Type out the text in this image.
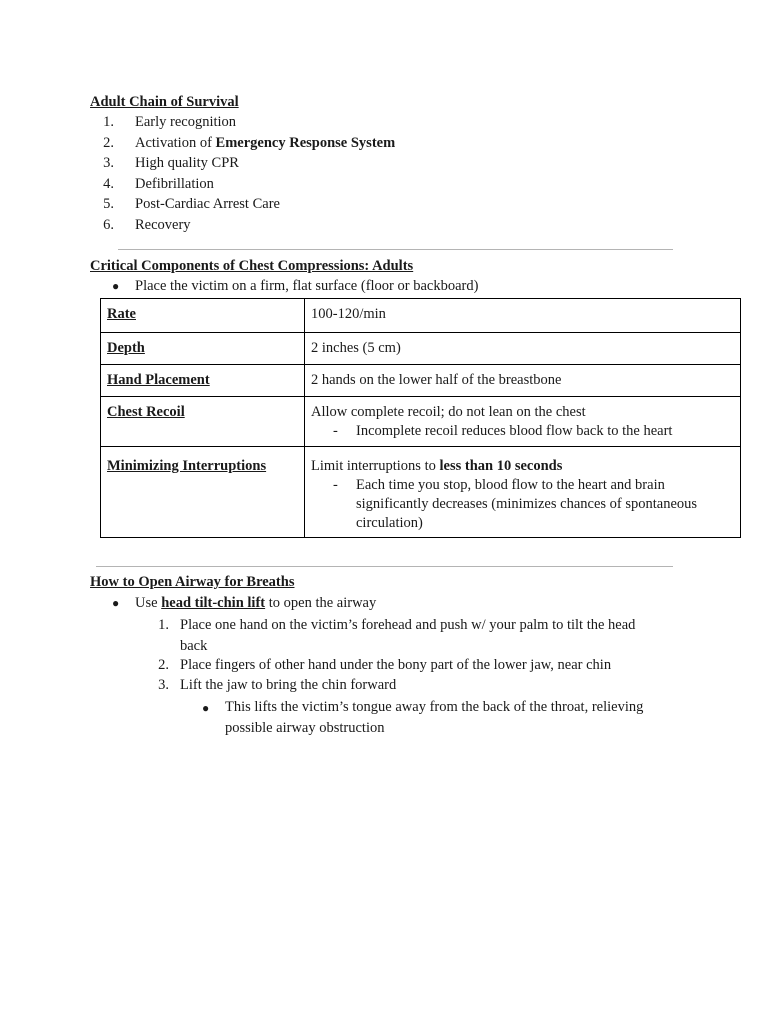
Adult Chain of Survival
1. Early recognition
2. Activation of Emergency Response System
3. High quality CPR
4. Defibrillation
5. Post-Cardiac Arrest Care
6. Recovery
Critical Components of Chest Compressions: Adults
● Place the victim on a firm, flat surface (floor or backboard)
Rate	100-120/min
Depth	2 inches (5 cm)
Hand Placement	2 hands on the lower half of the breastbone
Chest Recoil	Allow complete recoil; do not lean on the chest
- Incomplete recoil reduces blood flow back to the heart

Minimizing Interruptions	Limit interruptions to less than 10 seconds
- Each time you stop, blood flow to the heart and brain significantly decreases (minimizes chances of spontaneous circulation)
How to Open Airway for Breaths
● Use head tilt-chin lift to open the airway
1. Place one hand on the victim’s forehead and push w/ your palm to tilt the head back
2. Place fingers of other hand under the bony part of the lower jaw, near chin
3. Lift the jaw to bring the chin forward
● This lifts the victim’s tongue away from the back of the throat, relieving possible airway obstruction
